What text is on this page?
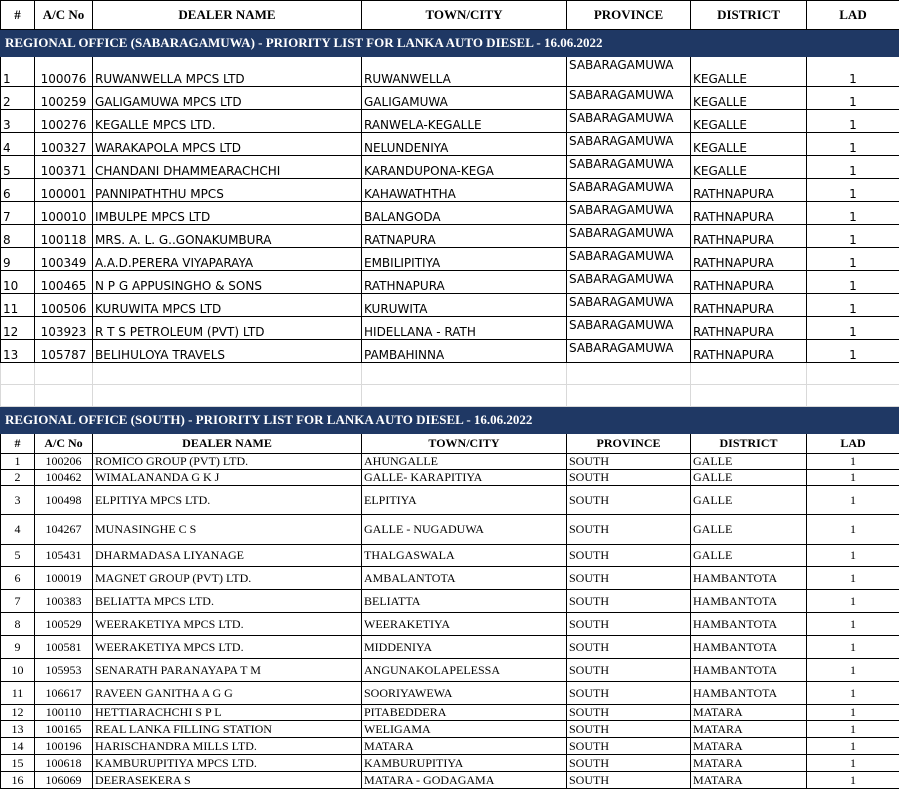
REGIONAL OFFICE (SABARAGAMUWA) - PRIORITY LIST FOR LANKA AUTO DIESEL - 16.06.2022						
#	A/C No	DEALER NAME	TOWN/CITY	PROVINCE	DISTRICT	LAD
1	100076	RUWANWELLA MPCS LTD	RUWANWELLA	SABARAGAMUWA	KEGALLE	1
2	100259	GALIGAMUWA MPCS LTD	GALIGAMUWA	SABARAGAMUWA	KEGALLE	1
3	100276	KEGALLE MPCS LTD.	RANWELA-KEGALLE	SABARAGAMUWA	KEGALLE	1
4	100327	WARAKAPOLA MPCS LTD	NELUNDENIYA	SABARAGAMUWA	KEGALLE	1
5	100371	CHANDANI DHAMMEARACHCHI	KARANDUPONA-KEGA	SABARAGAMUWA	KEGALLE	1
6	100001	PANNIPATHTHU MPCS	KAHAWATHTHA	SABARAGAMUWA	RATHNAPURA	1
7	100010	IMBULPE MPCS LTD	BALANGODA	SABARAGAMUWA	RATHNAPURA	1
8	100118	MRS. A. L. G..GONAKUMBURA	RATNAPURA	SABARAGAMUWA	RATHNAPURA	1
9	100349	A.A.D.PERERA VIYAPARAYA	EMBILIPITIYA	SABARAGAMUWA	RATHNAPURA	1
10	100465	N P G APPUSINGHO & SONS	RATHNAPURA	SABARAGAMUWA	RATHNAPURA	1
11	100506	KURUWITA MPCS LTD	KURUWITA	SABARAGAMUWA	RATHNAPURA	1
12	103923	R T S PETROLEUM (PVT) LTD	HIDELLANA - RATH	SABARAGAMUWA	RATHNAPURA	1
13	105787	BELIHULOYA TRAVELS	PAMBAHINNA	SABARAGAMUWA	RATHNAPURA	1

REGIONAL OFFICE (SOUTH) - PRIORITY LIST FOR LANKA AUTO DIESEL - 16.06.2022						
#	A/C No	DEALER NAME	TOWN/CITY	PROVINCE	DISTRICT	LAD
1	100206	ROMICO GROUP (PVT) LTD.	AHUNGALLE	SOUTH	GALLE	1
2	100462	WIMALANANDA G K J	GALLE- KARAPITIYA	SOUTH	GALLE	1
3	100498	ELPITIYA MPCS LTD.	ELPITIYA	SOUTH	GALLE	1
4	104267	MUNASINGHE C S	GALLE - NUGADUWA	SOUTH	GALLE	1
5	105431	DHARMADASA LIYANAGE	THALGASWALA	SOUTH	GALLE	1
6	100019	MAGNET GROUP (PVT) LTD.	AMBALANTOTA	SOUTH	HAMBANTOTA	1
7	100383	BELIATTA MPCS LTD.	BELIATTA	SOUTH	HAMBANTOTA	1
8	100529	WEERAKETIYA MPCS LTD.	WEERAKETIYA	SOUTH	HAMBANTOTA	1
9	100581	WEERAKETIYA MPCS LTD.	MIDDENIYA	SOUTH	HAMBANTOTA	1
10	105953	SENARATH PARANAYAPA T M	ANGUNAKOLAPELESSA	SOUTH	HAMBANTOTA	1
11	106617	RAVEEN GANITHA A G G	SOORIYAWEWA	SOUTH	HAMBANTOTA	1
12	100110	HETTIARACHCHI S P L	PITABEDDERA	SOUTH	MATARA	1
13	100165	REAL LANKA FILLING STATION	WELIGAMA	SOUTH	MATARA	1
14	100196	HARISCHANDRA MILLS LTD.	MATARA	SOUTH	MATARA	1
15	100618	KAMBURUPITIYA MPCS LTD.	KAMBURUPITIYA	SOUTH	MATARA	1
16	106069	DEERASEKERA S	MATARA - GODAGAMA	SOUTH	MATARA	1
